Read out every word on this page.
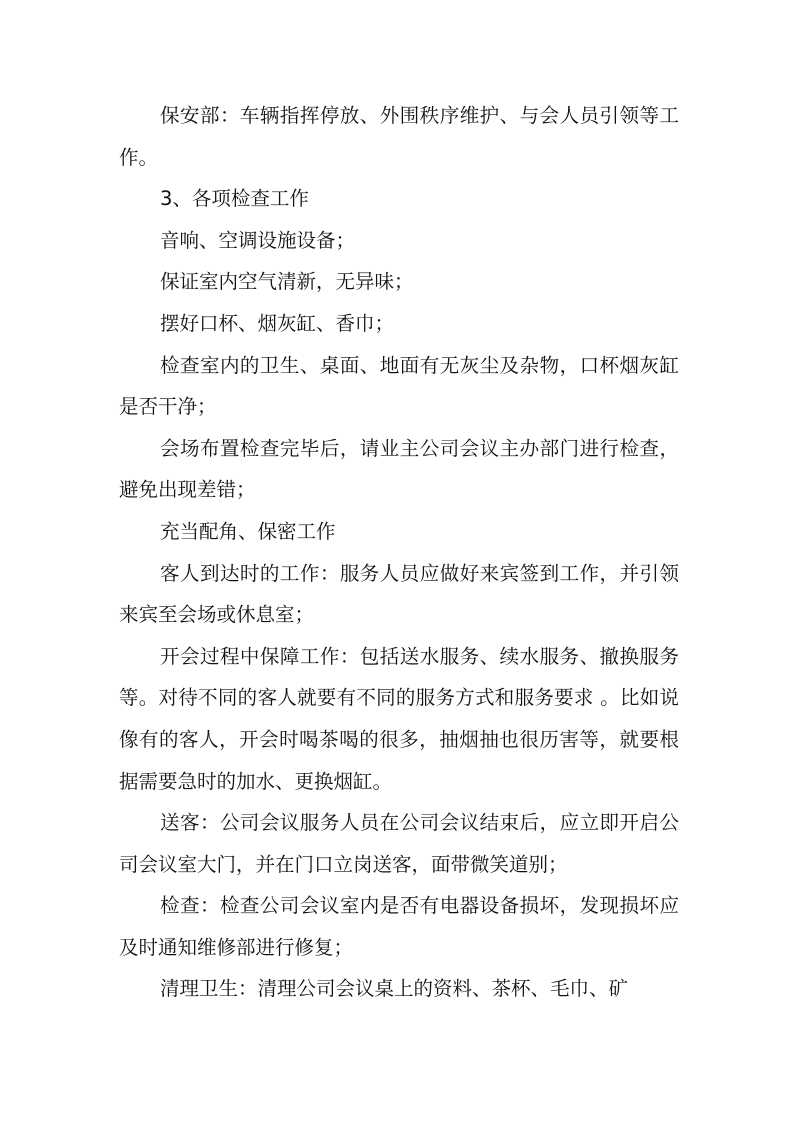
保安部：车辆指挥停放、外围秩序维护、与会人员引领等工作。

3、各项检查工作

音响、空调设施设备；

保证室内空气清新，无异味；

摆好口杯、烟灰缸、香巾；

检查室内的卫生、桌面、地面有无灰尘及杂物，口杯烟灰缸是否干净；

会场布置检查完毕后，请业主公司会议主办部门进行检查，避免出现差错；

充当配角、保密工作

客人到达时的工作：服务人员应做好来宾签到工作，并引领来宾至会场或休息室；

开会过程中保障工作：包括送水服务、续水服务、撤换服务等。对待不同的客人就要有不同的服务方式和服务要求 。比如说像有的客人，开会时喝茶喝的很多，抽烟抽也很历害等，就要根据需要急时的加水、更换烟缸。

送客：公司会议服务人员在公司会议结束后，应立即开启公司会议室大门，并在门口立岗送客，面带微笑道别；

检查：检查公司会议室内是否有电器设备损坏，发现损坏应及时通知维修部进行修复；

清理卫生：清理公司会议桌上的资料、茶杯、毛巾、矿
